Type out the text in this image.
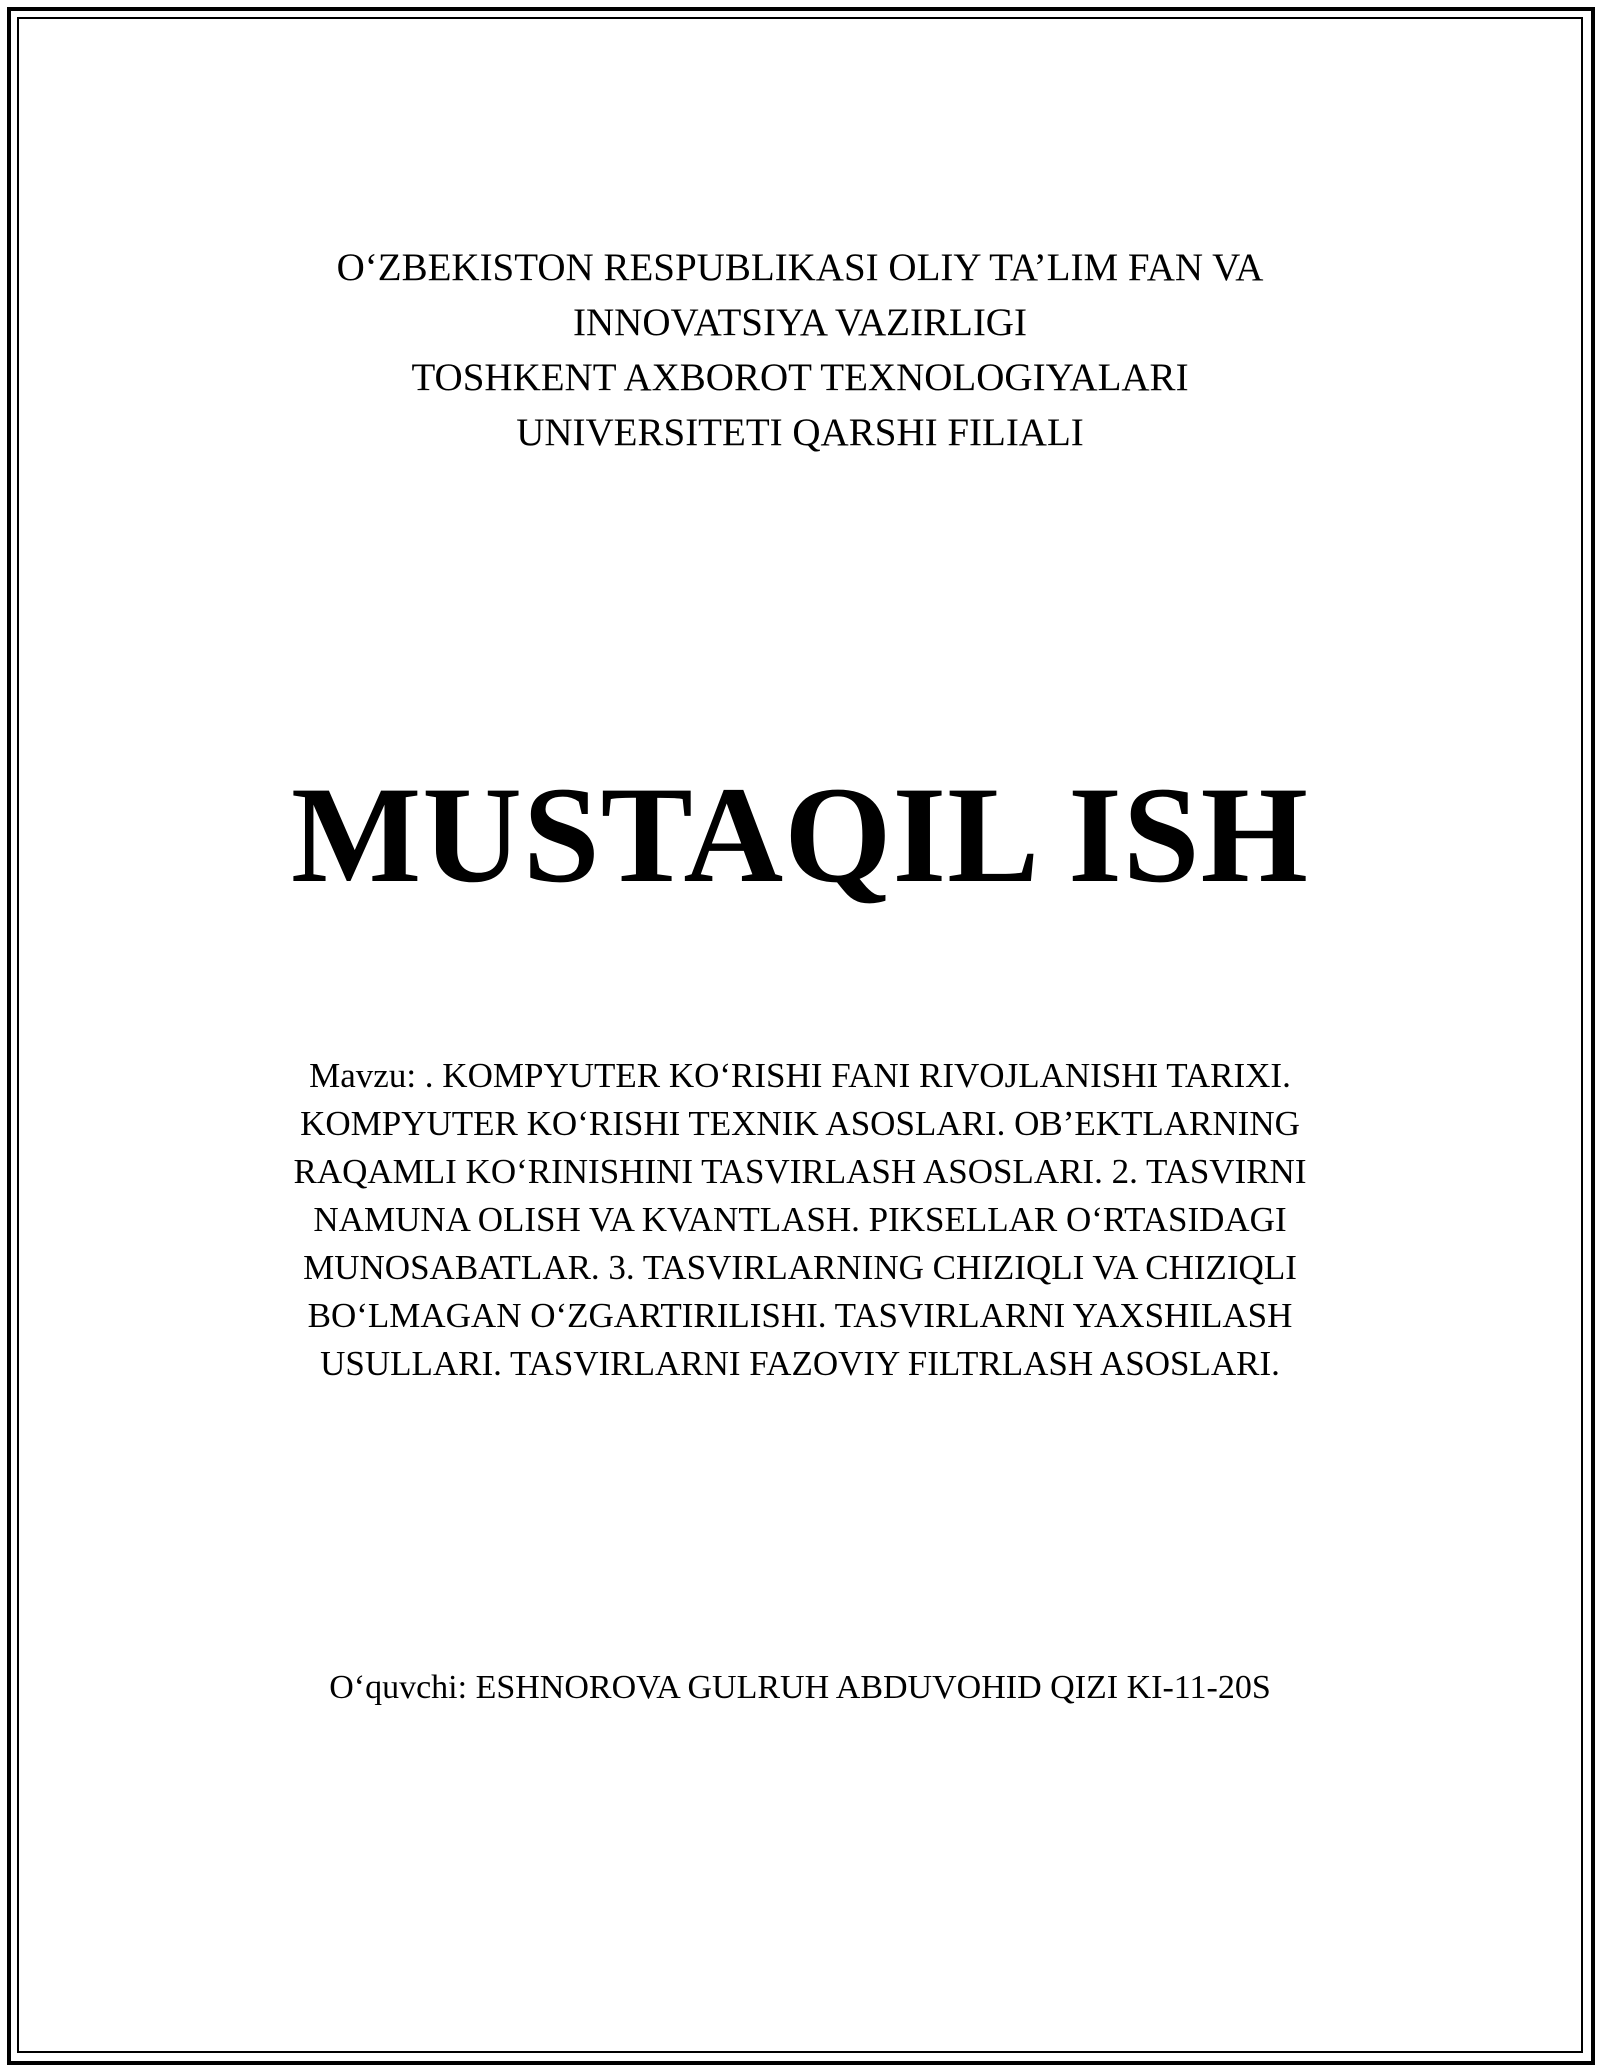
O‘ZBEKISTON RESPUBLIKASI OLIY TA’LIM FAN VA
INNOVATSIYA VAZIRLIGI
TOSHKENT AXBOROT TEXNOLOGIYALARI
UNIVERSITETI QARSHI FILIALI
MUSTAQIL ISH
Mavzu: . KOMPYUTER KO‘RISHI FANI RIVOJLANISHI TARIXI. KOMPYUTER KO‘RISHI TEXNIK ASOSLARI. OB’EKTLARNING RAQAMLI KO‘RINISHINI TASVIRLASH ASOSLARI. 2. TASVIRNI NAMUNA OLISH VA KVANTLASH. PIKSELLAR O‘RTASIDAGI MUNOSABATLAR. 3. TASVIRLARNING CHIZIQLI VA CHIZIQLI BO‘LMAGAN O‘ZGARTIRILISHI. TASVIRLARNI YAXSHILASH USULLARI. TASVIRLARNI FAZOVIY FILTRLASH ASOSLARI.
O‘quvchi: ESHNOROVA GULRUH ABDUVOHID QIZI KI-11-20S
